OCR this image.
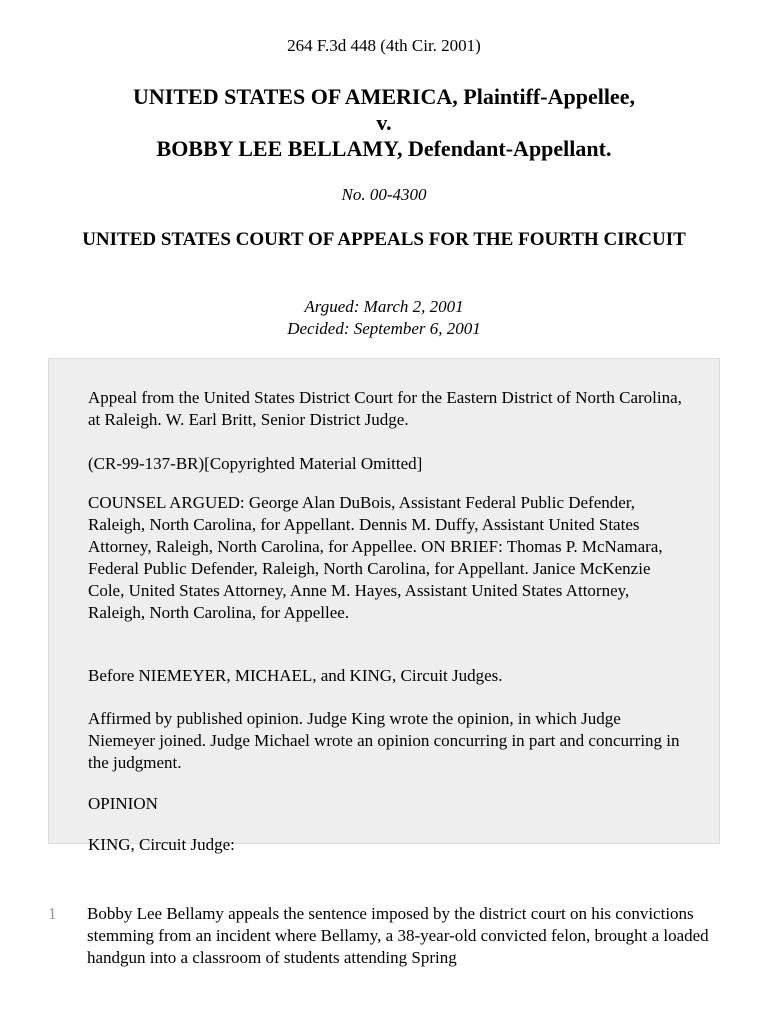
264 F.3d 448 (4th Cir. 2001)
UNITED STATES OF AMERICA, Plaintiff-Appellee,
v.
BOBBY LEE BELLAMY, Defendant-Appellant.
No. 00-4300
UNITED STATES COURT OF APPEALS FOR THE FOURTH CIRCUIT
Argued: March 2, 2001
Decided: September 6, 2001

Appeal from the United States District Court for the Eastern District of North Carolina, at Raleigh. W. Earl Britt, Senior District Judge.

(CR-99-137-BR)[Copyrighted Material Omitted]

COUNSEL ARGUED: George Alan DuBois, Assistant Federal Public Defender, Raleigh, North Carolina, for Appellant. Dennis M. Duffy, Assistant United States Attorney, Raleigh, North Carolina, for Appellee. ON BRIEF: Thomas P. McNamara, Federal Public Defender, Raleigh, North Carolina, for Appellant. Janice McKenzie Cole, United States Attorney, Anne M. Hayes, Assistant United States Attorney, Raleigh, North Carolina, for Appellee.

Before NIEMEYER, MICHAEL, and KING, Circuit Judges.

Affirmed by published opinion. Judge King wrote the opinion, in which Judge Niemeyer joined. Judge Michael wrote an opinion concurring in part and concurring in the judgment.

OPINION

KING, Circuit Judge:

1	Bobby Lee Bellamy appeals the sentence imposed by the district court on his convictions stemming from an incident where Bellamy, a 38-year-old convicted felon, brought a loaded handgun into a classroom of students attending Spring
